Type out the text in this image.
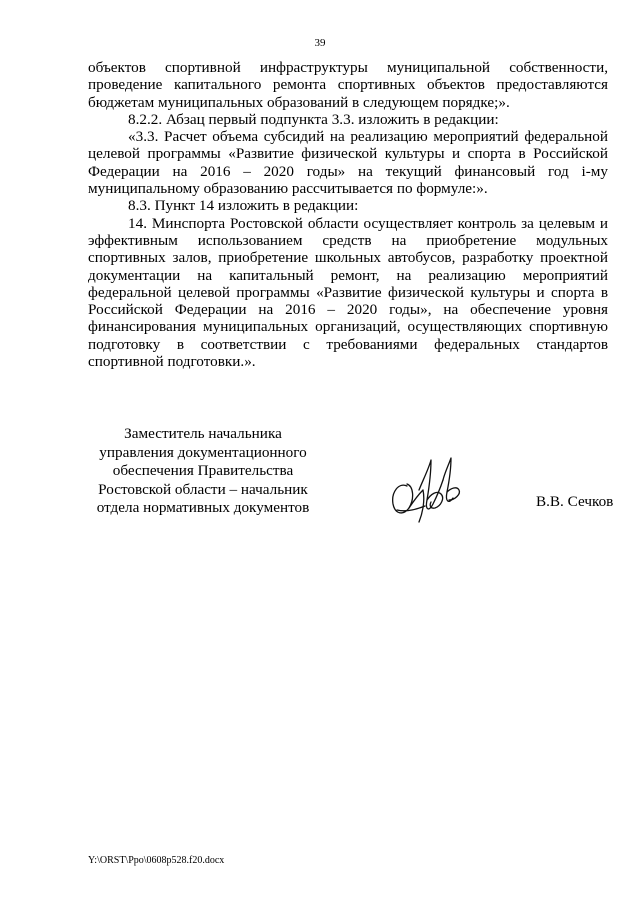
39

объектов спортивной инфраструктуры муниципальной собственности, проведение капитального ремонта спортивных объектов предоставляются бюджетам муниципальных образований в следующем порядке;».

8.2.2. Абзац первый подпункта 3.3. изложить в редакции:

«3.3. Расчет объема субсидий на реализацию мероприятий федеральной целевой программы «Развитие физической культуры и спорта в Российской Федерации на 2016 – 2020 годы» на текущий финансовый год i-му муниципальному образованию рассчитывается по формуле:».

8.3. Пункт 14 изложить в редакции:

14. Минспорта Ростовской области осуществляет контроль за целевым и эффективным использованием средств на приобретение модульных спортивных залов, приобретение школьных автобусов, разработку проектной документации на капитальный ремонт, на реализацию мероприятий федеральной целевой программы «Развитие физической культуры и спорта в Российской Федерации на 2016 – 2020 годы», на обеспечение уровня финансирования муниципальных организаций, осуществляющих спортивную подготовку в соответствии с требованиями федеральных стандартов спортивной подготовки.».

Заместитель начальника
управления документационного
обеспечения Правительства
Ростовской области – начальник
отдела нормативных документов	В.В. Сечков
Y:\ORST\Ppo\0608p528.f20.docx
